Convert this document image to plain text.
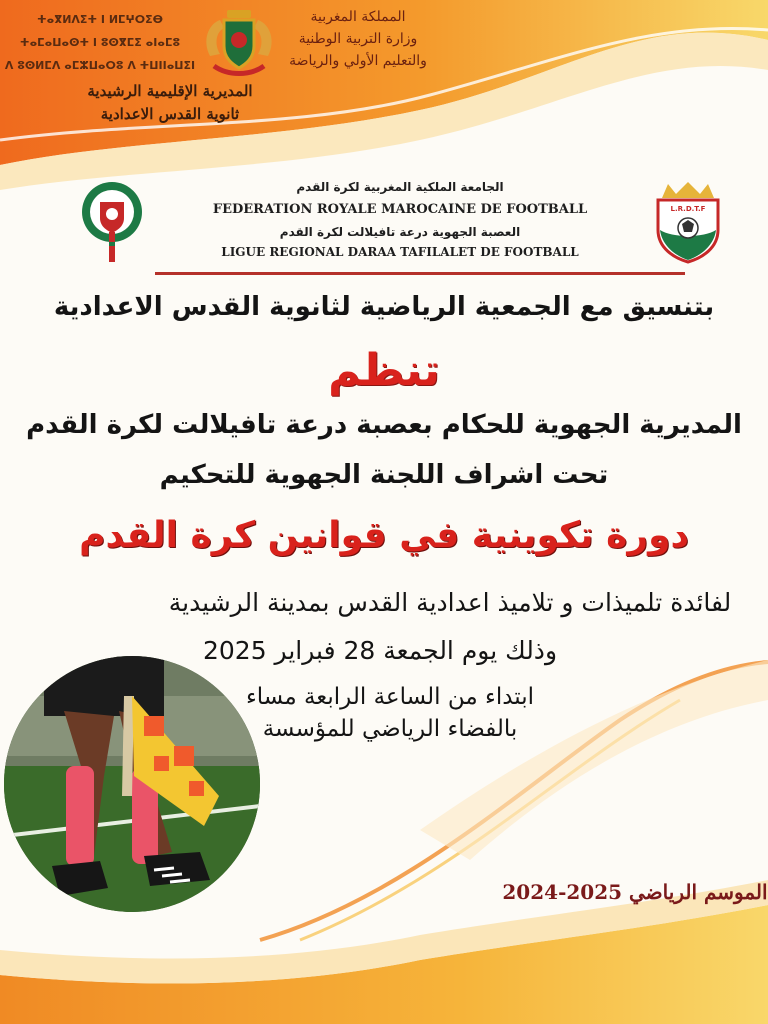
ⵜⴰⴳⵍⴷⵉⵜ ⵏ ⵍⵎⵖⵔⵉⴱ
ⵜⴰⵎⴰⵡⴰⵙⵜ ⵏ ⵓⵙⴳⵎⵉ ⴰⵏⴰⵎⵓ
ⴷ ⵓⵙⵍⵎⴷ ⴰⵎⵣⵡⴰⵔⵓ ⴷ ⵜⵡⵏⵏⴰⵡⵉⵏ
المملكة المغربية
وزارة التربية الوطنية
والتعليم الأولي والرياضة
المديرية الإقليمية الرشيدية
ثانوية القدس الاعدادية
L.R.D.T.F
الجامعة الملكية المغربية لكرة القدم
FEDERATION ROYALE MAROCAINE DE FOOTBALL
العصبة الجهوية درعة تافيلالت لكرة القدم
LIGUE REGIONAL DARAA TAFILALET DE FOOTBALL
بتنسيق مع الجمعية الرياضية لثانوية القدس الاعدادية
تنظم
المديرية الجهوية للحكام بعصبة درعة تافيلالت لكرة القدم
تحت اشراف اللجنة الجهوية للتحكيم
دورة تكوينية في قوانين كرة القدم
لفائدة تلميذات و تلاميذ اعدادية القدس بمدينة الرشيدية
وذلك يوم الجمعة 28 فبراير 2025
ابتداء من الساعة الرابعة مساء
بالفضاء الرياضي للمؤسسة
الموسم الرياضي 2025-2024
